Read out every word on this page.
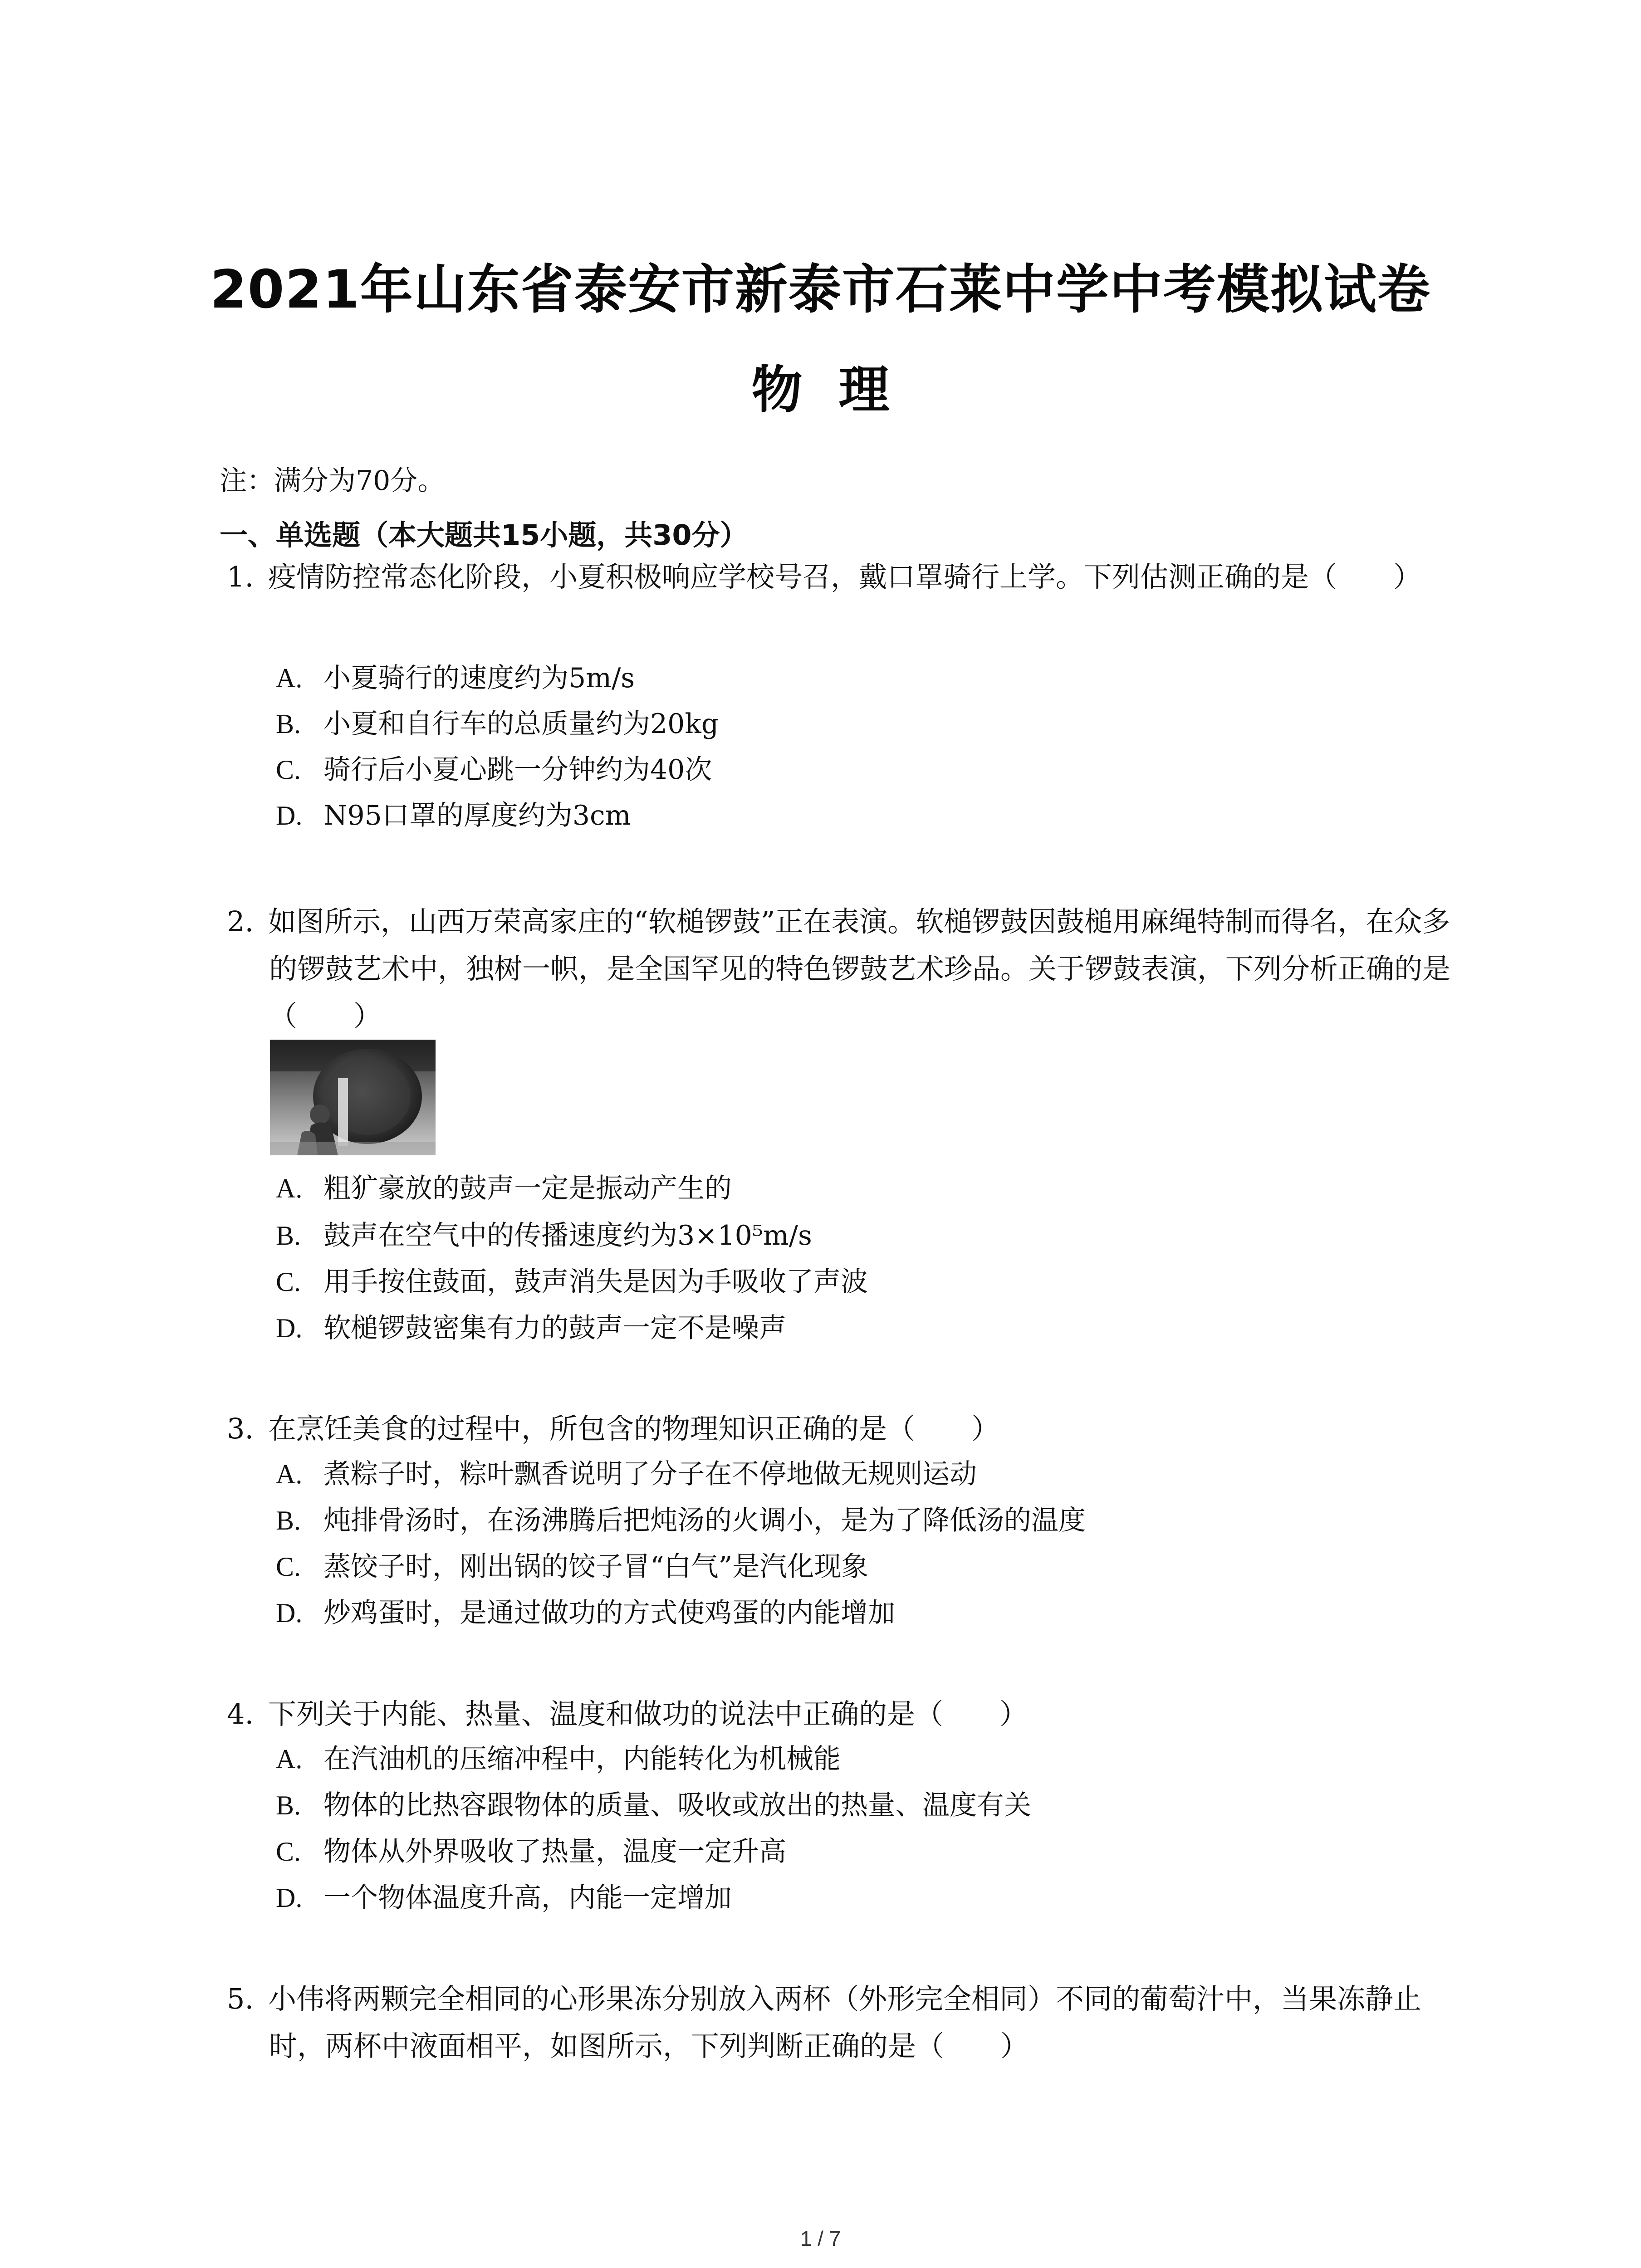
2021年山东省泰安市新泰市石莱中学中考模拟试卷
物理
注：满分为70分。
一、单选题（本大题共15小题，共30分）
1. 疫情防控常态化阶段，小夏积极响应学校号召，戴口罩骑行上学。下列估测正确的是（　　）
A. 小夏骑行的速度约为5m/s
B. 小夏和自行车的总质量约为20kg
C. 骑行后小夏心跳一分钟约为40次
D. N95口罩的厚度约为3cm
2. 如图所示，山西万荣高家庄的“软槌锣鼓”正在表演。软槌锣鼓因鼓槌用麻绳特制而得名，在众多的锣鼓艺术中，独树一帜，是全国罕见的特色锣鼓艺术珍品。关于锣鼓表演，下列分析正确的是（　　）
A. 粗犷豪放的鼓声一定是振动产生的
B. 鼓声在空气中的传播速度约为3×10⁵m/s
C. 用手按住鼓面，鼓声消失是因为手吸收了声波
D. 软槌锣鼓密集有力的鼓声一定不是噪声
3. 在烹饪美食的过程中，所包含的物理知识正确的是（　　）
A. 煮粽子时，粽叶飘香说明了分子在不停地做无规则运动
B. 炖排骨汤时，在汤沸腾后把炖汤的火调小，是为了降低汤的温度
C. 蒸饺子时，刚出锅的饺子冒“白气”是汽化现象
D. 炒鸡蛋时，是通过做功的方式使鸡蛋的内能增加
4. 下列关于内能、热量、温度和做功的说法中正确的是（　　）
A. 在汽油机的压缩冲程中，内能转化为机械能
B. 物体的比热容跟物体的质量、吸收或放出的热量、温度有关
C. 物体从外界吸收了热量，温度一定升高
D. 一个物体温度升高，内能一定增加
5. 小伟将两颗完全相同的心形果冻分别放入两杯（外形完全相同）不同的葡萄汁中，当果冻静止时，两杯中液面相平，如图所示，下列判断正确的是（　　）
1 / 7
